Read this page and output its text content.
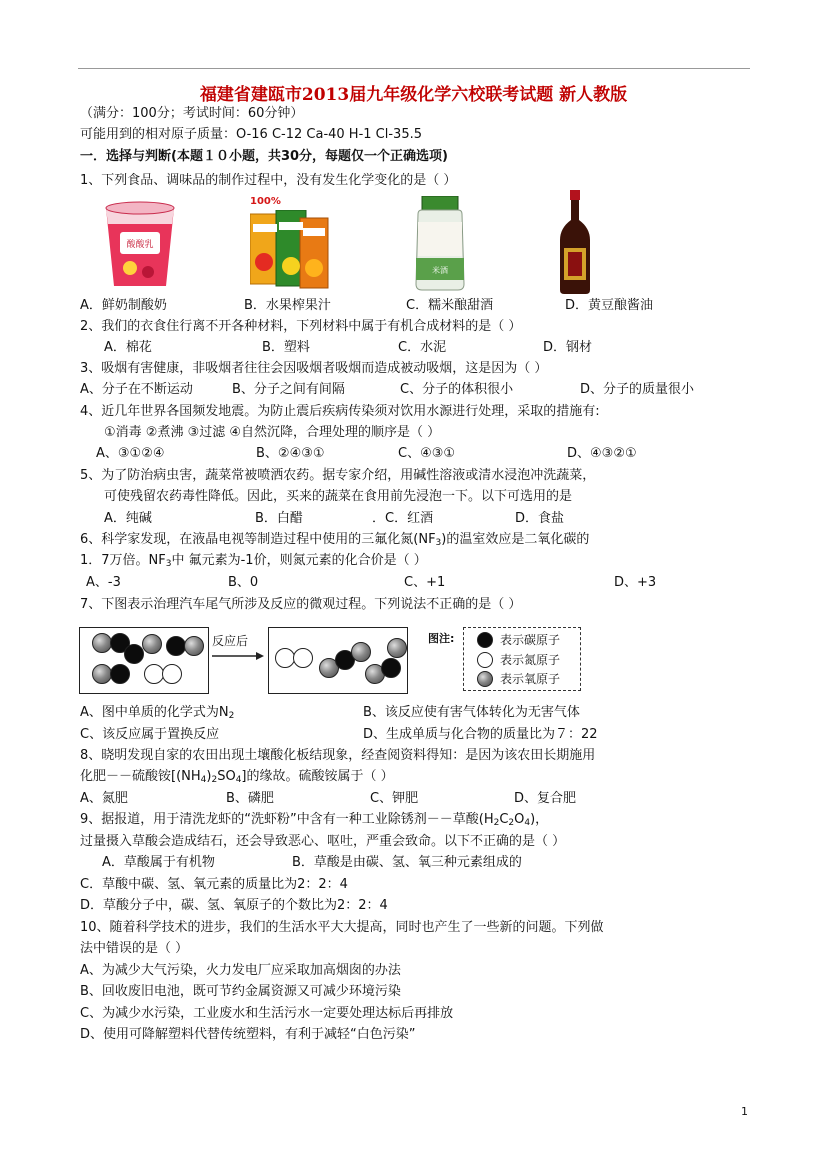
福建省建瓯市2013届九年级化学六校联考试题 新人教版
（满分：100分；考试时间：60分钟）
可能用到的相对原子质量：O-16 C-12 Ca-40 H-1 Cl-35.5
一．选择与判断(本题１０小题，共30分，每题仅一个正确选项)
1、下列食品、调味品的制作过程中，没有发生化学变化的是（ ）
酸酸乳
100%
米酒
A．鲜奶制酸奶	B．水果榨果汁	C．糯米酿甜酒	D．黄豆酿酱油
2、我们的衣食住行离不开各种材料，下列材料中属于有机合成材料的是（ ）
A．棉花	B．塑料	C．水泥	D．钢材
3、吸烟有害健康，非吸烟者往往会因吸烟者吸烟而造成被动吸烟，这是因为（ ）
A、分子在不断运动	B、分子之间有间隔	C、分子的体积很小	D、分子的质量很小
4、近几年世界各国频发地震。为防止震后疾病传染须对饮用水源进行处理，采取的措施有:
①消毒 ②煮沸 ③过滤 ④自然沉降，合理处理的顺序是（ ）
A、③①②④	B、②④③①	C、④③①	D、④③②①
5、为了防治病虫害，蔬菜常被喷洒农药。据专家介绍，用碱性溶液或清水浸泡冲洗蔬菜，
可使残留农药毒性降低。因此，买来的蔬菜在食用前先浸泡一下。以下可选用的是
A．纯碱	B．白醋	．C．红酒	D．食盐
6、科学家发现，在液晶电视等制造过程中使用的三氟化氮$(NF_3)$的温室效应是二氧化碳的
1．7万倍。$NF_3$中 氟元素为-1价，则氮元素的化合价是（ ）
A、-3	B、0	C、+1	D、+3
7、下图表示治理汽车尾气所涉及反应的微观过程。下列说法不正确的是（ ）
反应后	图注:	表示碳原子
表示氮原子
表示氧原子
A、图中单质的化学式为$N_2$	B、该反应使有害气体转化为无害气体
C、该反应属于置换反应	D、生成单质与化合物的质量比为７：22
8、晓明发现自家的农田出现土壤酸化板结现象，经查阅资料得知：是因为该农田长期施用
化肥－－硫酸铵$[(NH_4)_2SO_4]$的缘故。硫酸铵属于（ ）
A、氮肥	B、磷肥	C、钾肥	D、复合肥
9、据报道，用于清洗龙虾的“洗虾粉”中含有一种工业除锈剂－－草酸$(H_2C_2O_4)$，
过量摄入草酸会造成结石，还会导致恶心、呕吐，严重会致命。以下不正确的是（ ）
A．草酸属于有机物	B．草酸是由碳、氢、氧三种元素组成的
C．草酸中碳、氢、氧元素的质量比为2：2：4
D．草酸分子中，碳、氢、氧原子的个数比为2：2：4
10、随着科学技术的进步，我们的生活水平大大提高，同时也产生了一些新的问题。下列做
法中错误的是（ ）
A、为减少大气污染，火力发电厂应采取加高烟囱的办法
B、回收废旧电池，既可节约金属资源又可减少环境污染
C、为减少水污染，工业废水和生活污水一定要处理达标后再排放
D、使用可降解塑料代替传统塑料，有利于减轻“白色污染”
1
